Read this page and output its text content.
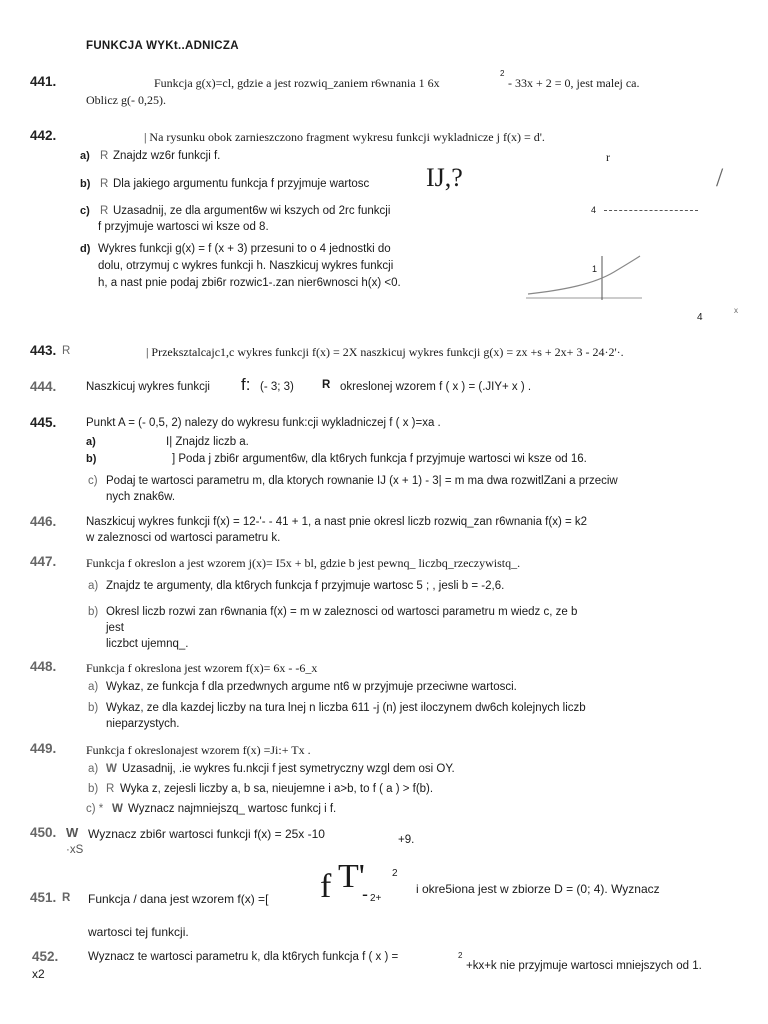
FUNKCJA WYKt..ADNICZA
441.	Funkcja g(x)=cl, gdzie a jest rozwiq_zaniem r6wnania 1 6x
2
- 33x + 2 = 0, jest malej ca.
Oblicz g(- 0,25).
442.	| Na rysunku obok zarnieszczono fragment wykresu funkcji wykladnicze j f(x) = d'.
a) R Znajdz wz6r funkcji f.	r
b) R Dla jakiego argumentu funkcja f przyjmuje wartosc IJ,?	/
c) R Uzasadnij, ze dla argument6w wi kszych od 2rc funkcji
f przyjmuje wartosci wi ksze od 8.
4
d) Wykres funkcji g(x) = f (x + 3) przesuni to o 4 jednostki do
dolu, otrzymuj c wykres funkcji h. Naszkicuj wykres funkcji
h, a nast pnie podaj zbi6r rozwic1-.zan nier6wnosci h(x) <0.
1
4
x
443. R	| Przeksztalcajc1,c wykres funkcji f(x) = 2X naszkicuj wykres funkcji g(x) = zx +s + 2x+ 3 - 24·2'·.
444.	Naszkicuj wykres funkcji f: (- 3; 3) R okreslonej wzorem f ( x ) = (.JIY+ x ) .
445.	Punkt A = (- 0,5, 2) nalezy do wykresu funk:cji wykladniczej f ( x )=xa .
a)	I| Znajdz liczb a.
b)	] Poda j zbi6r argument6w, dla kt6rych funkcja f przyjmuje wartosci wi ksze od 16.
c) Podaj te wartosci parametru m, dla ktorych rownanie IJ (x + 1) - 3| = m ma dwa rozwitlZani a przeciw
nych znak6w.
446.	Naszkicuj wykres funkcji f(x) = 12-'- - 41 + 1, a nast pnie okresl liczb rozwiq_zan r6wnania f(x) = k2
w zaleznosci od wartosci parametru k.
447. Funkcja f okreslon a jest wzorem j(x)= I5x + bl, gdzie b jest pewnq_ liczbq_rzeczywistq_.
a) Znajdz te argumenty, dla kt6rych funkcja f przyjmuje wartosc 5 ; , jesli b = -2,6.
b) Okresl liczb rozwi zan r6wnania f(x) = m w zaleznosci od wartosci parametru m wiedz c, ze b
jest
liczbct ujemnq_.
448. Funkcja f okreslona jest wzorem f(x)= 6x - -6_x
a) Wykaz, ze funkcja f dla przedwnych argume nt6 w przyjmuje przeciwne wartosci.
b) Wykaz, ze dla kazdej liczby na tura lnej n liczba 611 -j (n) jest iloczynem dw6ch kolejnych liczb
nieparzystych.
449. Funkcja f okreslonajest wzorem f(x) =Ji:+ Tx .
a) W Uzasadnij, .ie wykres fu.nkcji f jest symetryczny wzgl dem osi OY.
b) R Wyka z, zejesli liczby a, b sa, nieujemne i a>b, to f ( a ) > f(b).
c) * W Wyznacz najmniejszq_ wartosc funkcj i f.
450. W Wyznacz zbi6r wartosci funkcji f(x) = 25x -10	+9.
·xS
451. R Funkcja / dana jest wzorem f(x) =[ f T'
- 2+
2
i okre5iona jest w zbiorze D = (0; 4). Wyznacz
wartosci tej funkcji.
452.	Wyznacz te wartosci parametru k, dla kt6rych funkcja f ( x ) =	2
+kx+k nie przyjmuje wartosci mniejszych od 1.
x2
